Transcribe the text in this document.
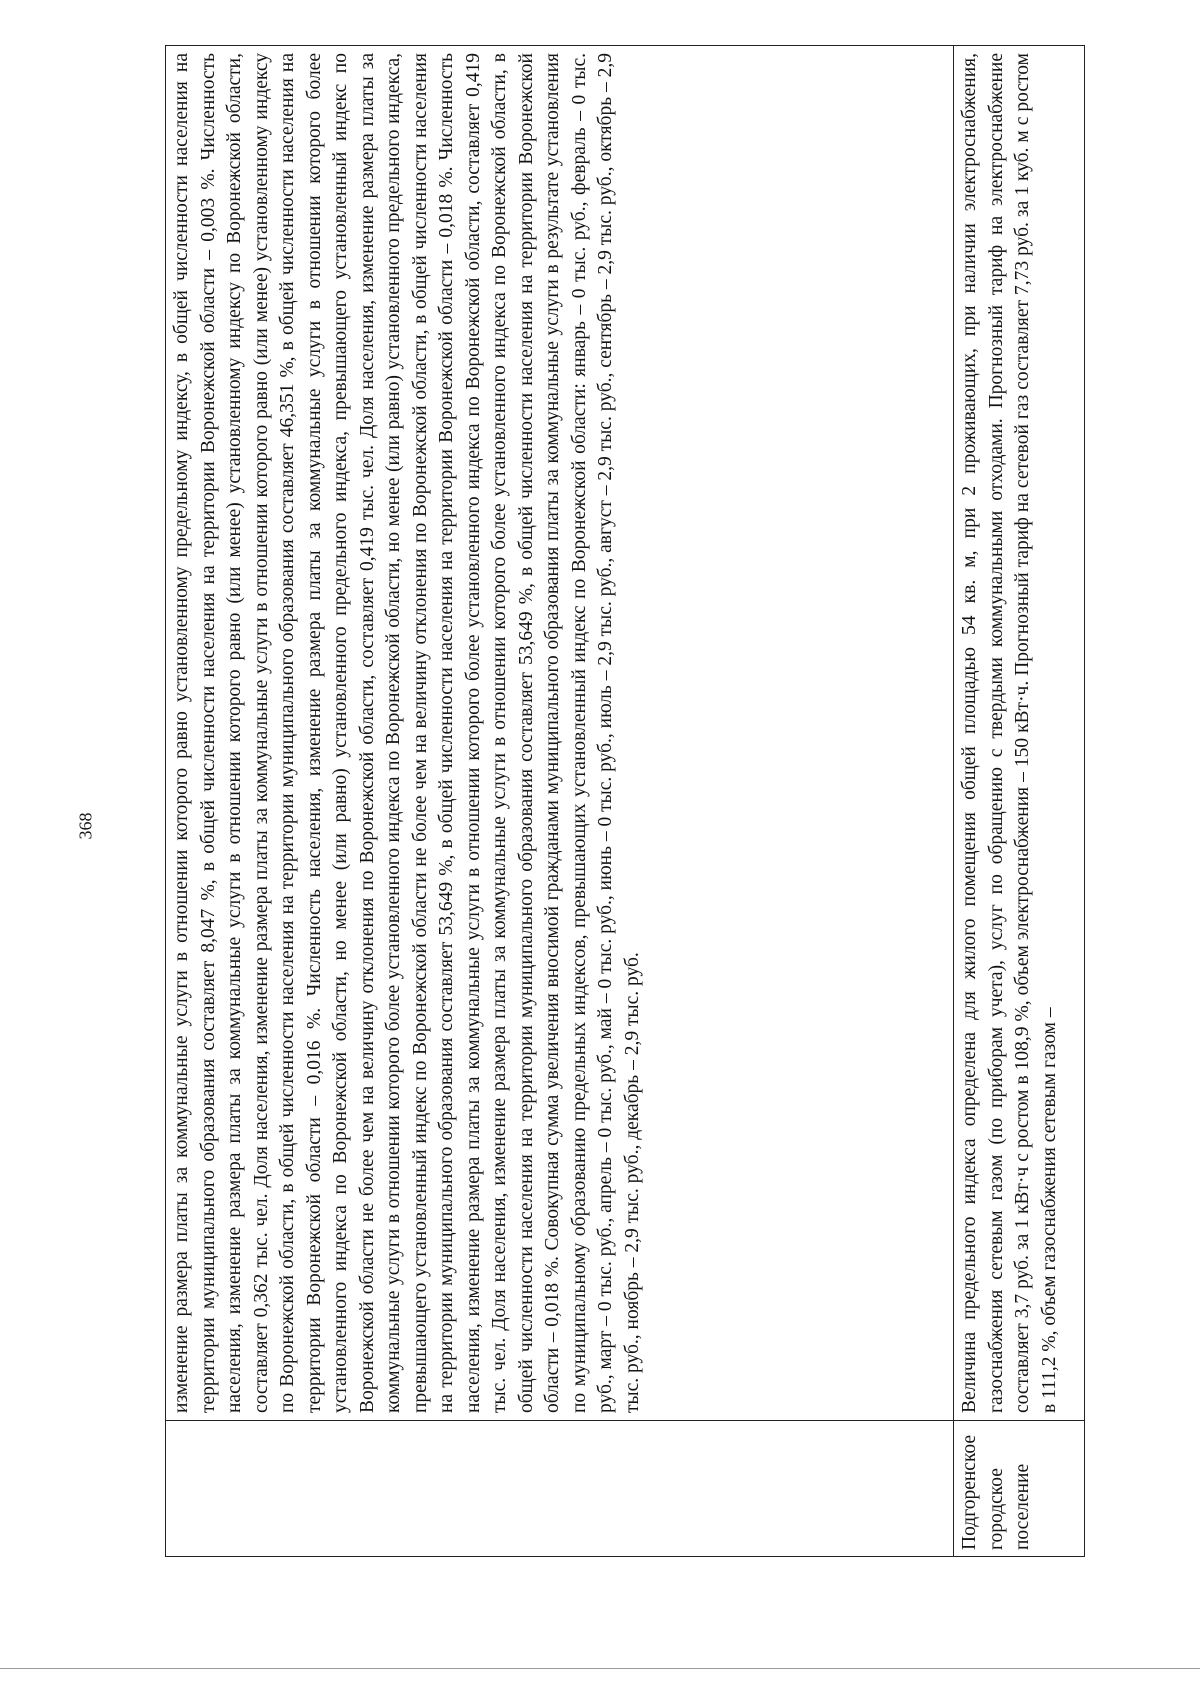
368	изменение размера платы за коммунальные услуги в отношении которого равно установленному предельному индексу, в общей численности населения на территории муниципального образования составляет 8,047 %, в общей численности населения на территории Воронежской области – 0,003 %. Численность населения, изменение размера платы за коммунальные услуги в отношении которого равно (или менее) установленному индексу по Воронежской области, составляет 0,362 тыс. чел. Доля населения, изменение размера платы за коммунальные услуги в отношении которого равно (или менее) установленному индексу по Воронежской области, в общей численности населения на территории муниципального образования составляет 46,351 %, в общей численности населения на территории Воронежской области – 0,016 %. Численность населения, изменение размера платы за коммунальные услуги в отношении которого более установленного индекса по Воронежской области, но менее (или равно) установленного предельного индекса, превышающего установленный индекс по Воронежской области не более чем на величину отклонения по Воронежской области, составляет 0,419 тыс. чел. Доля населения, изменение размера платы за коммунальные услуги в отношении которого более установленного индекса по Воронежской области, но менее (или равно) установленного предельного индекса, превышающего установленный индекс по Воронежской области не более чем на величину отклонения по Воронежской области, в общей численности населения на территории муниципального образования составляет 53,649 %, в общей численности населения на территории Воронежской области – 0,018 %. Численность населения, изменение размера платы за коммунальные услуги в отношении которого более установленного индекса по Воронежской области, составляет 0,419 тыс. чел. Доля населения, изменение размера платы за коммунальные услуги в отношении которого более установленного индекса по Воронежской области, в общей численности населения на территории муниципального образования составляет 53,649 %, в общей численности населения на территории Воронежской области – 0,018 %. Совокупная сумма увеличения вносимой гражданами муниципального образования платы за коммунальные услуги в результате установления по муниципальному образованию предельных индексов, превышающих установленный индекс по Воронежской области: январь – 0 тыс. руб., февраль – 0 тыс. руб., март – 0 тыс. руб., апрель – 0 тыс. руб., май – 0 тыс. руб., июнь – 0 тыс. руб., июль – 2,9 тыс. руб., август – 2,9 тыс. руб., сентябрь – 2,9 тыс. руб., октябрь – 2,9 тыс. руб., ноябрь – 2,9 тыс. руб., декабрь – 2,9 тыс. руб.
Подгоренское городское поселение
Величина предельного индекса определена для жилого помещения общей площадью 54 кв. м, при 2 проживающих, при наличии электроснабжения, газоснабжения сетевым газом (по приборам учета), услуг по обращению с твердыми коммунальными отходами. Прогнозный тариф на электроснабжение составляет 3,7 руб. за 1 кВт·ч с ростом в 108,9 %, объем электроснабжения – 150 кВт·ч. Прогнозный тариф на сетевой газ составляет 7,73 руб. за 1 куб. м с ростом в 111,2 %, объем газоснабжения сетевым газом –
